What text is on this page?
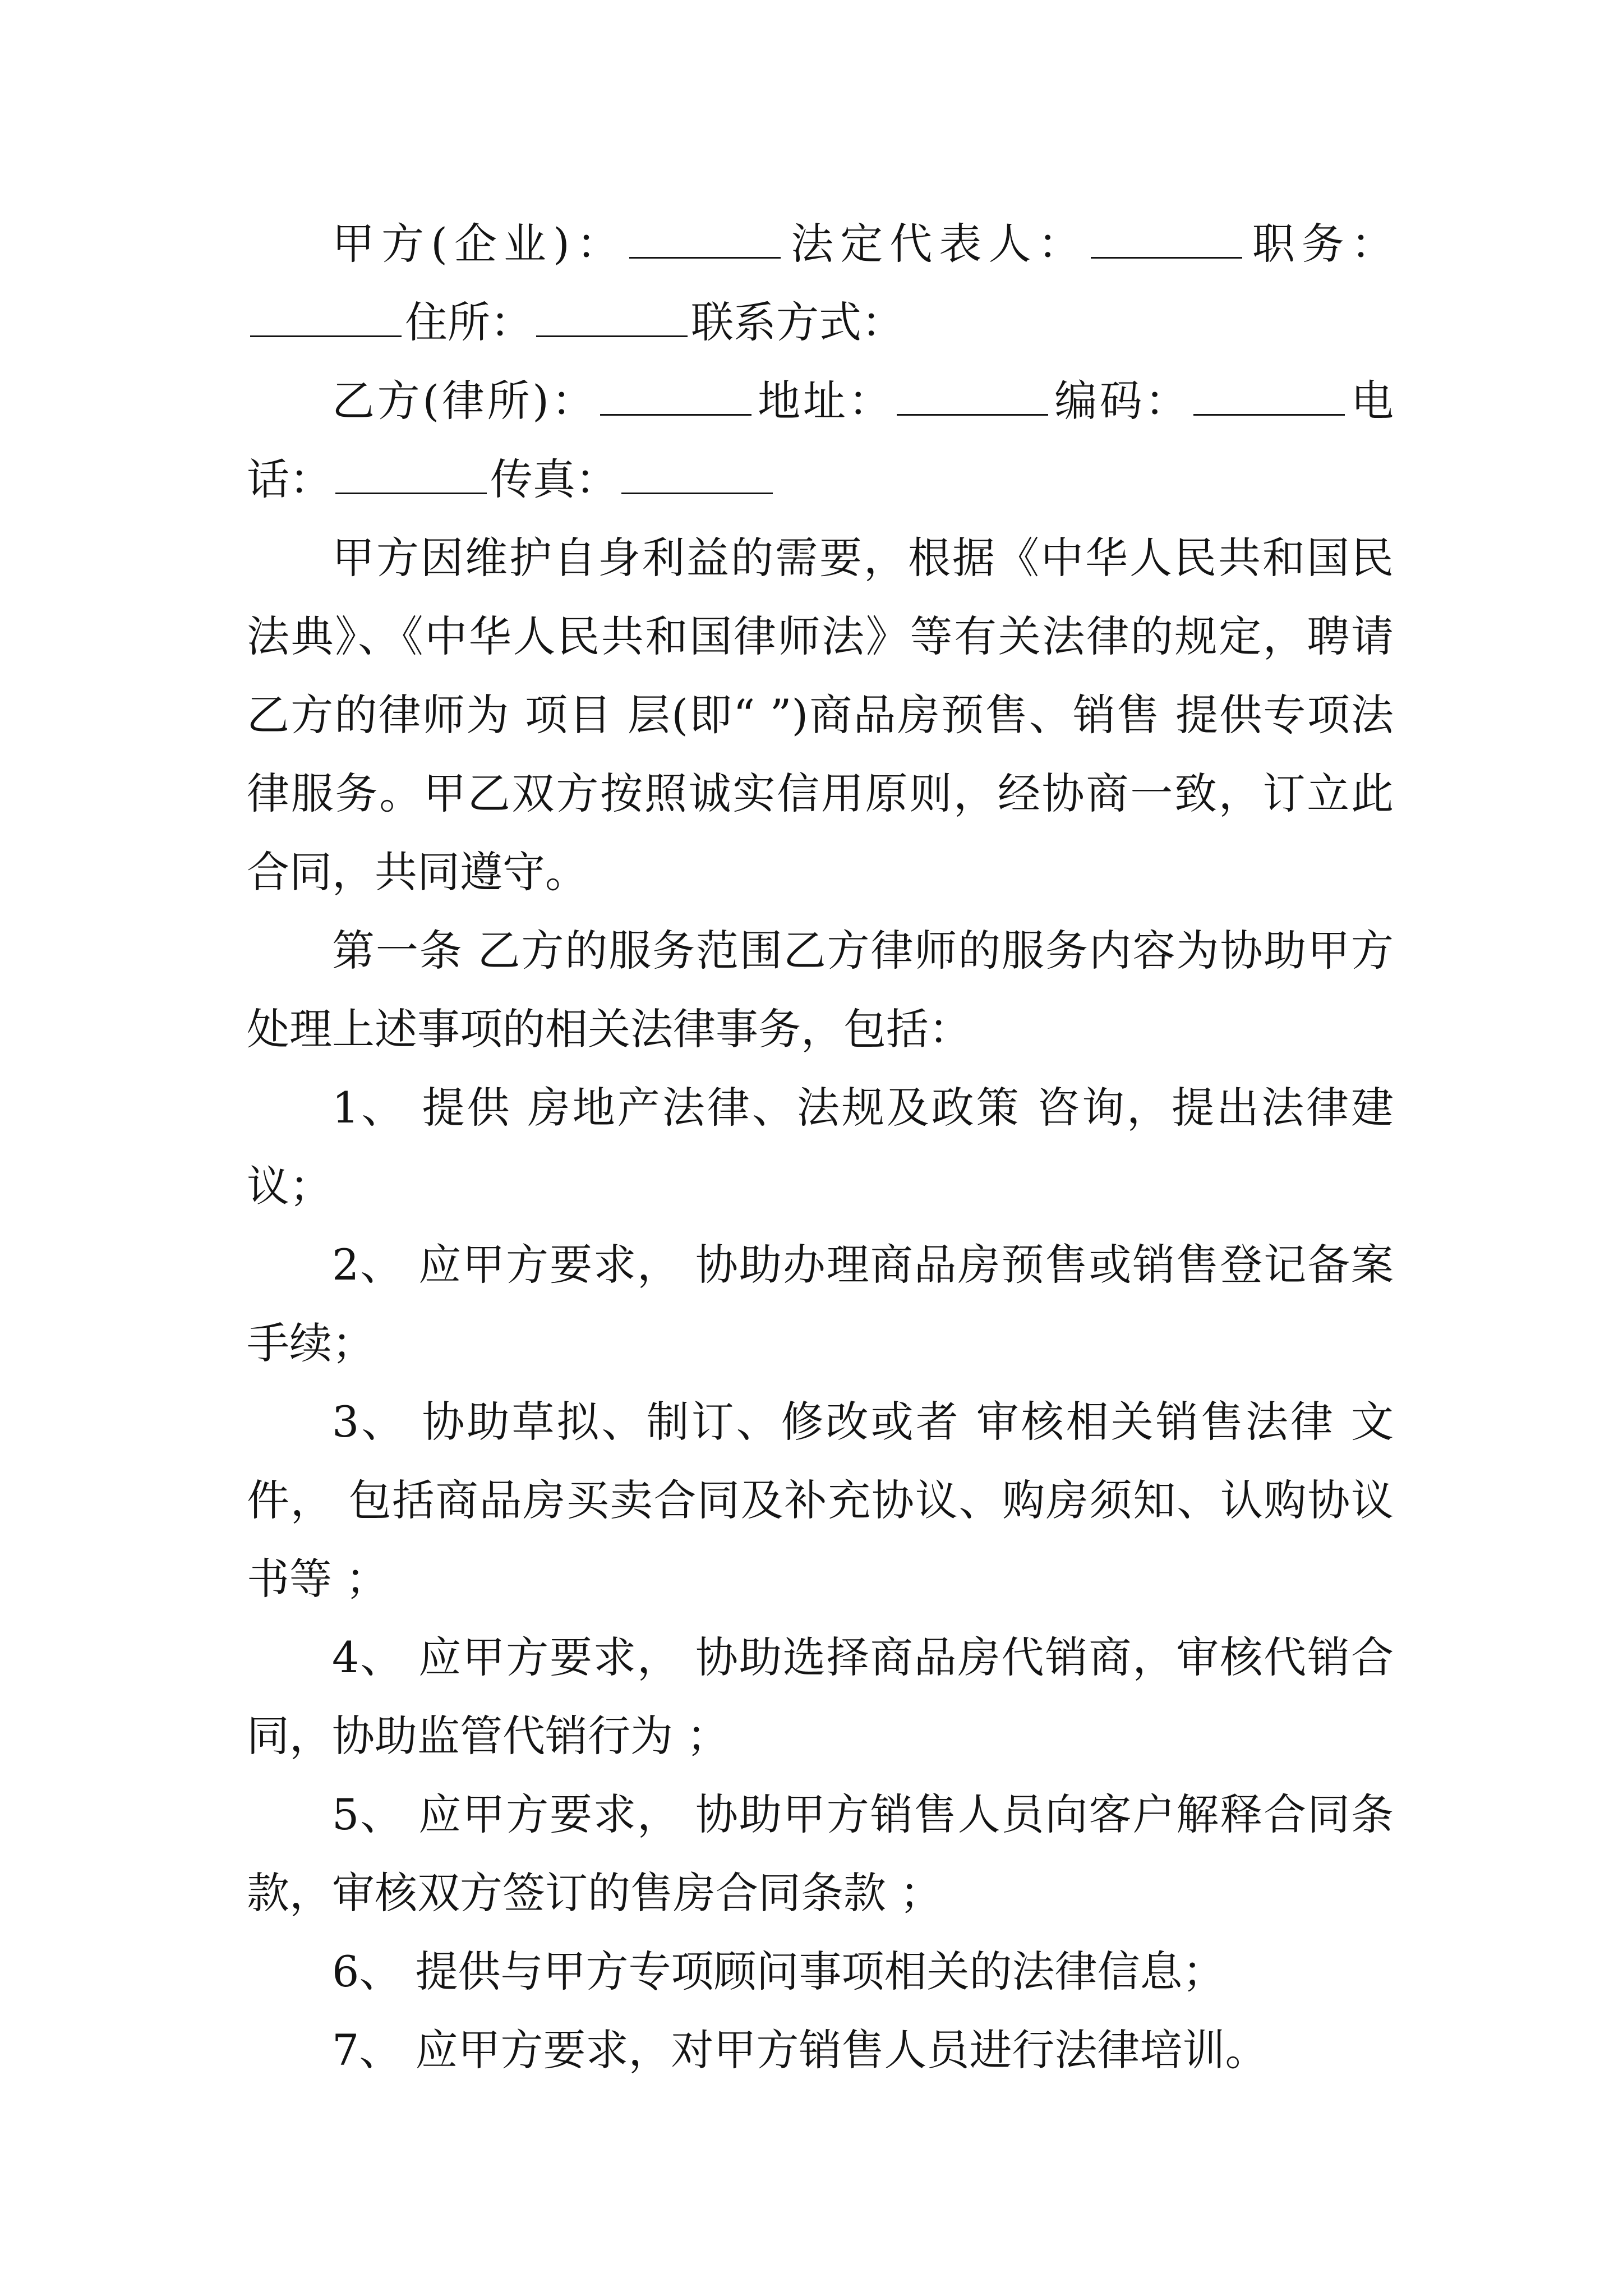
甲方(企业)：	法定代表人：	职务：住所：	联系方式：

乙方(律所)：	地址：	编码：	电话：	传真：

甲方因维护自身利益的需要，根据《中华人民共和国民法典》、《中华人民共和国律师法》等有关法律的规定，聘请乙方的律师为 项目 层(即“ ”)商品房预售、销售 提供专项法律服务。甲乙双方按照诚实信用原则，经协商一致，订立此合同，共同遵守。

第一条 乙方的服务范围乙方律师的服务内容为协助甲方处理上述事项的相关法律事务，包括：

1、 提供 房地产法律、法规及政策 咨询，提出法律建议；

2、 应甲方要求， 协助办理商品房预售或销售登记备案手续；

3、 协助草拟、制订、修改或者 审核相关销售法律 文件， 包括商品房买卖合同及补充协议、购房须知、认购协议书等 ；

4、 应甲方要求， 协助选择商品房代销商，审核代销合同，协助监管代销行为 ；

5、 应甲方要求， 协助甲方销售人员向客户解释合同条款，审核双方签订的售房合同条款 ；

6、 提供与甲方专项顾问事项相关的法律信息；

7、 应甲方要求，对甲方销售人员进行法律培训。
